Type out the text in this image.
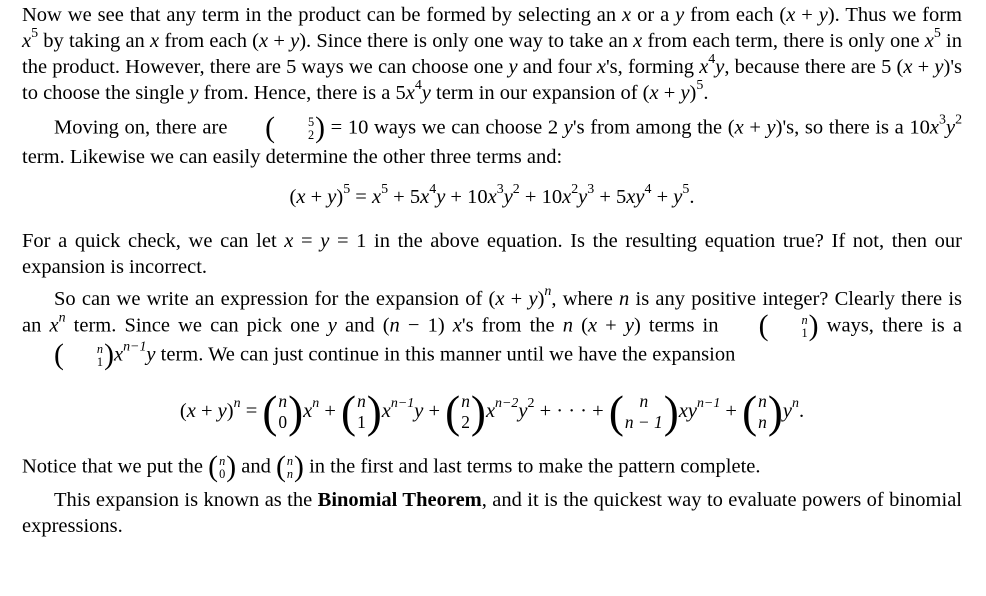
Now we see that any term in the product can be formed by selecting an x or a y from each (x + y). Thus we form $x^5$ by taking an x from each (x + y). Since there is only one way to take an x from each term, there is only one $x^5$ in the product. However, there are 5 ways we can choose one y and four x's, forming $x^4y$, because there are 5 (x + y)'s to choose the single y from. Hence, there is a $5x^4y$ term in our expansion of $(x + y)^5$.

Moving on, there are (	5
2 ) = 10 ways we can choose 2 y's from among the (x + y)'s, so there is a $10x^3y^2$ term. Likewise we can easily determine the other three terms and:

$(x + y)^5 = x^5 + 5x^4y + 10x^3y^2 + 10x^2y^3 + 5xy^4 + y^5$.

For a quick check, we can let x = y = 1 in the above equation. Is the resulting equation true? If not, then our expansion is incorrect.

So can we write an expression for the expansion of $(x + y)^n$, where n is any positive integer? Clearly there is an $x^n$ term. Since we can pick one y and (n − 1) x's from the n (x + y) terms in (	n
1 ) ways, there is a (	n
1 )$x^{n-1}y$ term. We can just continue in this manner until we have the expansion

$(x + y)^n$ = ( n
0 )$x^n$ + ( n
1 )$x^{n-1}y$ + ( n
2 )$x^{n-2}y^2$ + · · · + ( n
n − 1 )$xy^{n-1}$ + ( n
n )$y^n$.

Notice that we put the ( n
0 ) and ( n
n ) in the first and last terms to make the pattern complete.

This expansion is known as the Binomial Theorem, and it is the quickest way to evaluate powers of binomial expressions.
